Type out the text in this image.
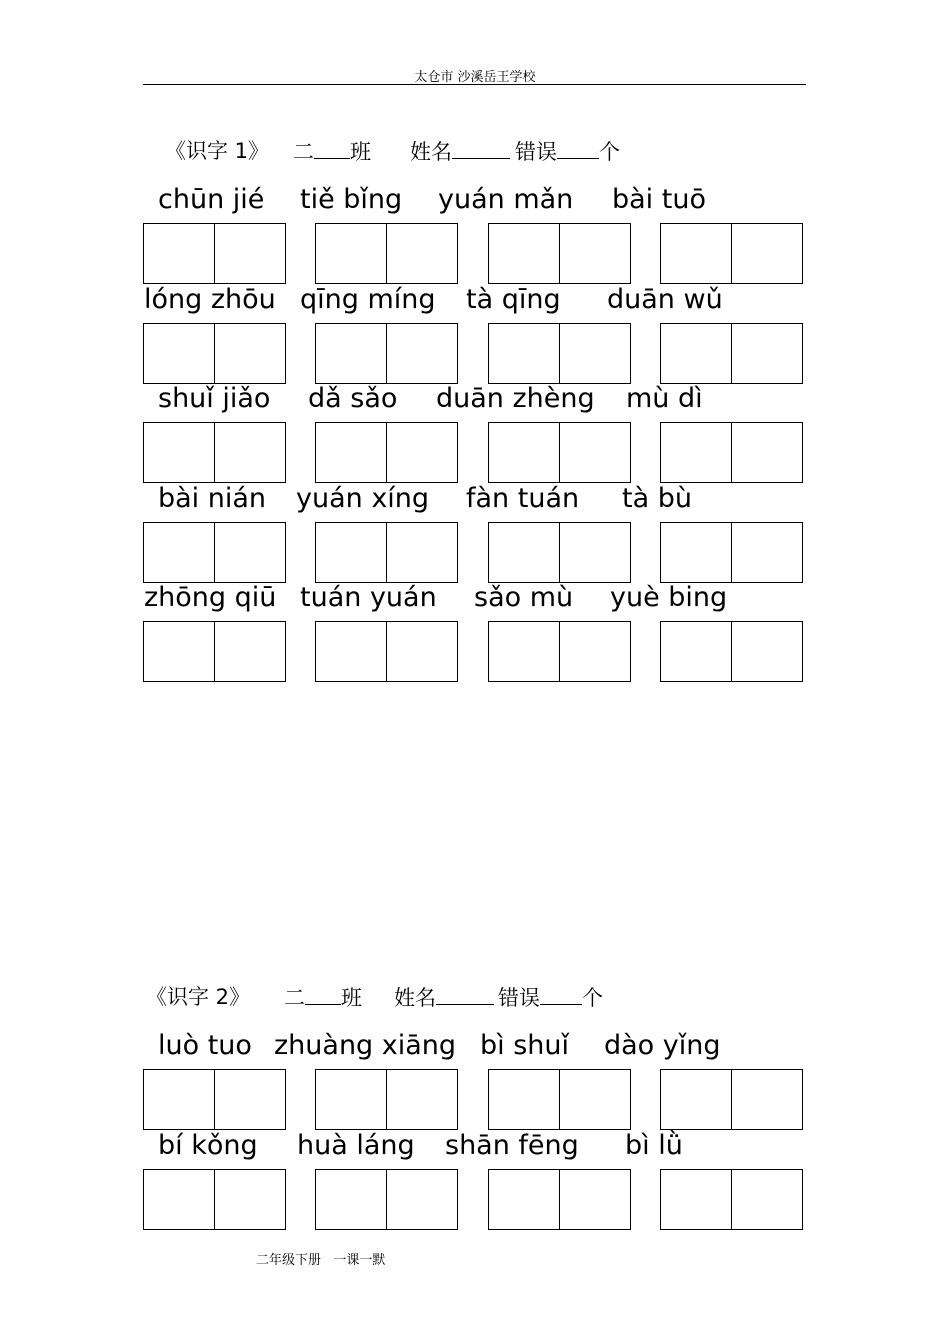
太仓市 沙溪岳王学校
《识字 1》 二 班 姓名	错误 个
chūn jié tiě bǐng yuán mǎn bài tuō
lóng zhōu qīng míng tà qīng duān wǔ
shuǐ jiǎo dǎ sǎo duān zhèng mù dì
bài nián yuán xíng fàn tuán tà bù
zhōng qiū tuán yuán sǎo mù yuè bing
《识字 2》 二 班 姓名	错误 个
luò tuo zhuàng xiāng bì shuǐ dào yǐng
bí kǒng huà láng shān fēng bì lǜ
二年级下册   一课一默
